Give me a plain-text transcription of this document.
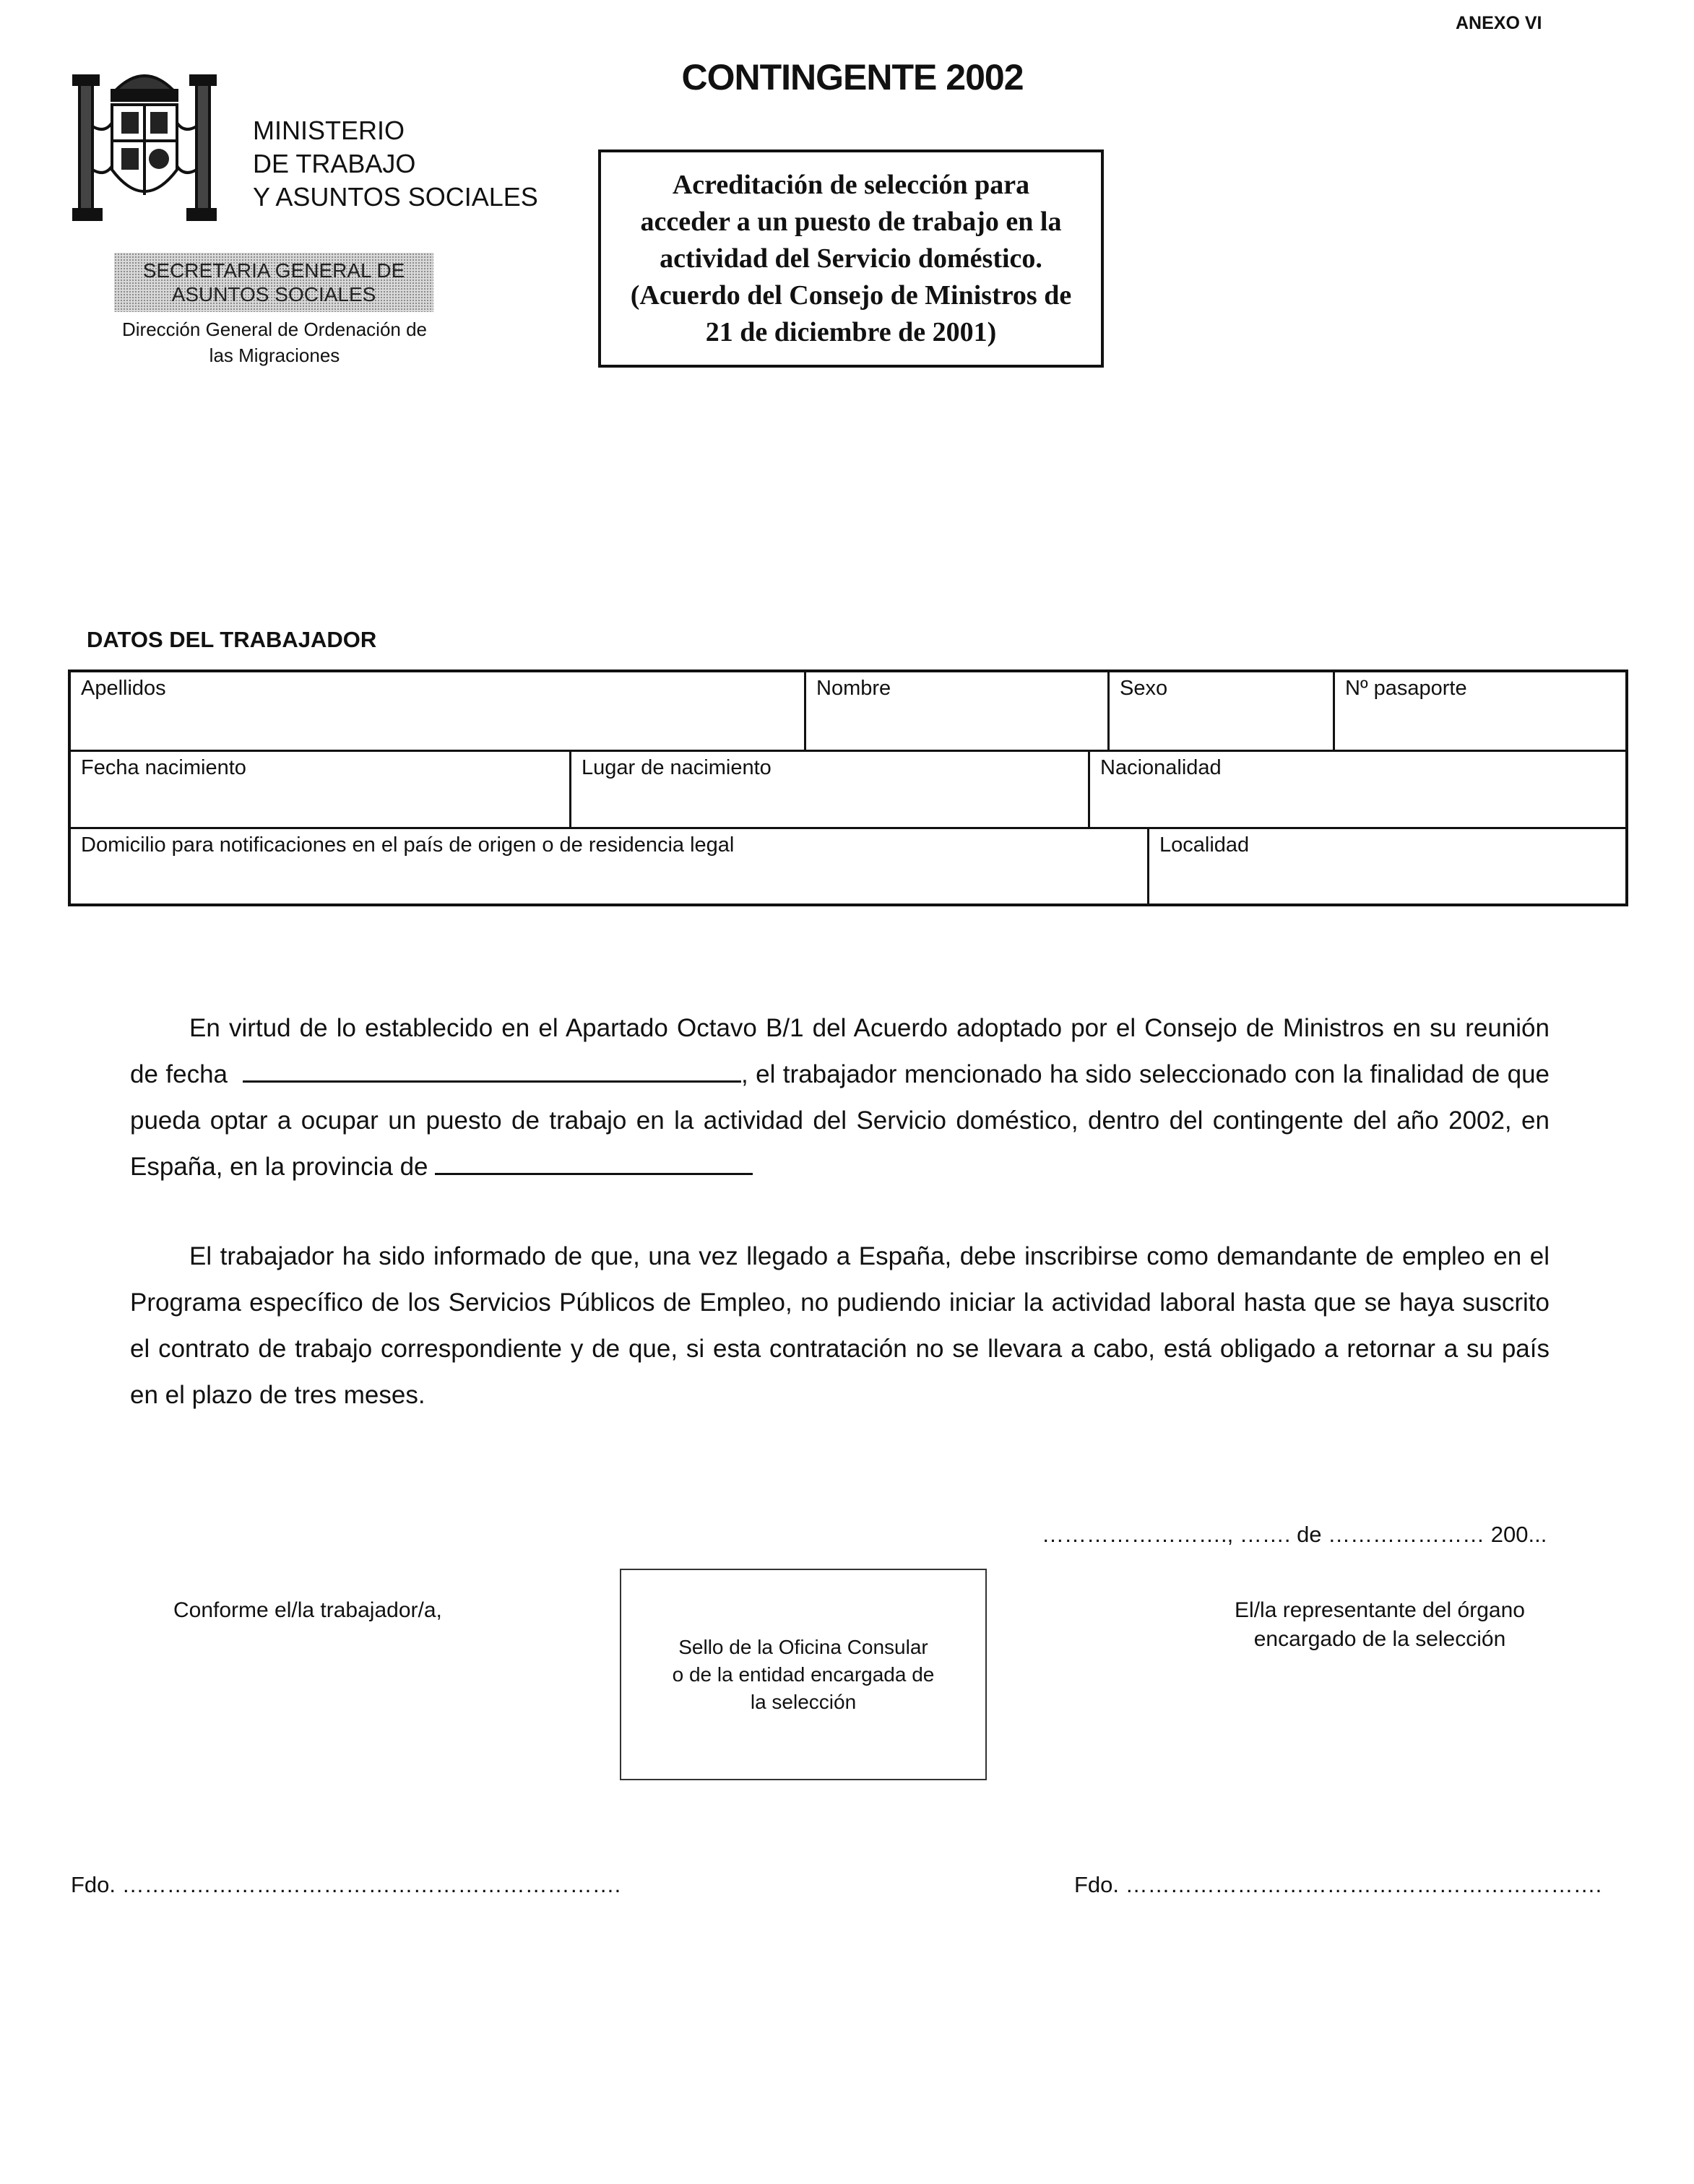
ANEXO VI
MINISTERIO
DE TRABAJO
Y ASUNTOS SOCIALES
SECRETARIA GENERAL DE
ASUNTOS SOCIALES
Dirección General de Ordenación de
las Migraciones
CONTINGENTE 2002
Acreditación de selección para
acceder a un puesto de trabajo en la
actividad del Servicio doméstico.
(Acuerdo del Consejo de Ministros de
21 de diciembre de 2001)
DATOS DEL TRABAJADOR
Apellidos	Nombre	Sexo	Nº pasaporte
Fecha nacimiento	Lugar de nacimiento	Nacionalidad
Domicilio para notificaciones en el país de origen o de residencia legal	Localidad

En virtud de lo establecido en el Apartado Octavo B/1 del Acuerdo adoptado por el Consejo de Ministros en su reunión de fecha	, el trabajador mencionado ha sido seleccionado con la finalidad de que pueda optar a ocupar un puesto de trabajo en la actividad del Servicio doméstico, dentro del contingente del año 2002, en España, en la provincia de

El trabajador ha sido informado de que, una vez llegado a España, debe inscribirse como demandante de empleo en el Programa específico de los Servicios Públicos de Empleo, no pudiendo iniciar la actividad laboral hasta que se haya suscrito el contrato de trabajo correspondiente y de que, si esta contratación no se llevara a cabo, está obligado a retornar a su país en el plazo de tres meses.

……………………., ……. de ………………… 200...
Conforme el/la trabajador/a,
Sello de la Oficina Consular
o de la entidad encargada de
la selección
El/la representante del órgano
encargado de la selección
Fdo. ………………………………………………………….	Fdo. ……………………………………………………….
